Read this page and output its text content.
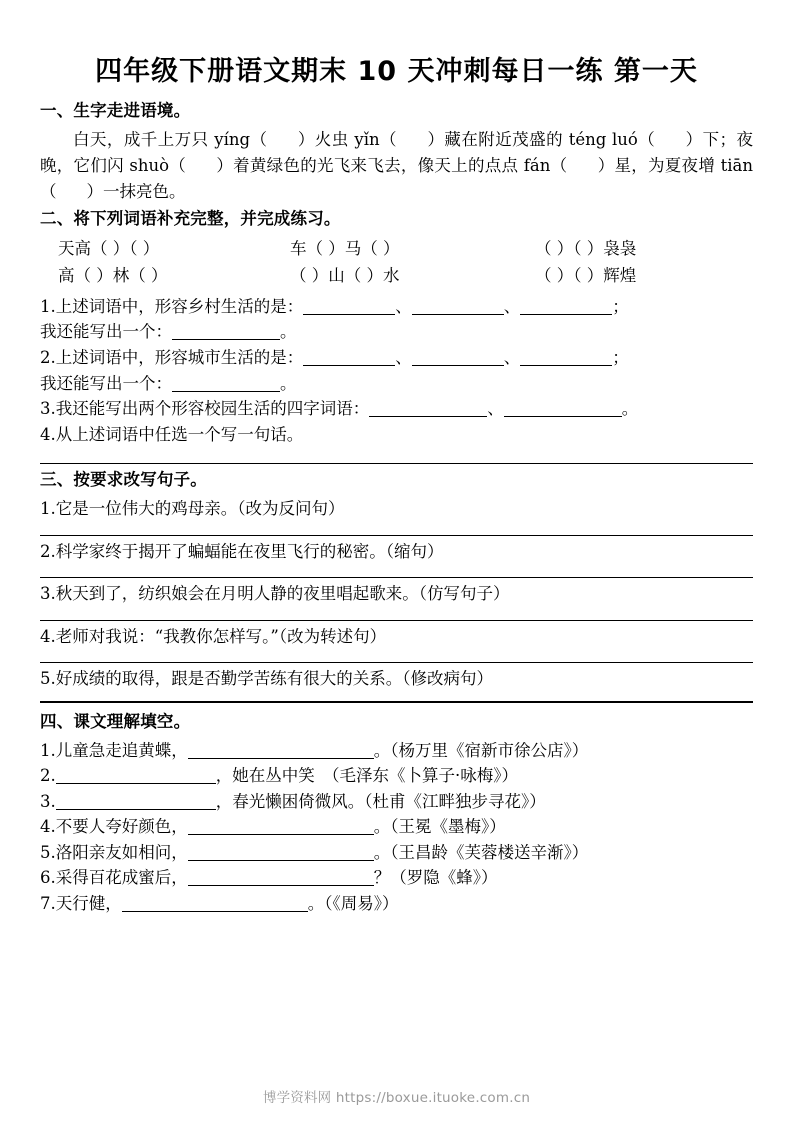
四年级下册语文期末 10 天冲刺每日一练 第一天
一、生字走进语境。
白天，成千上万只 yíng（ ）火虫 yǐn（ ）藏在附近茂盛的 téng luó（ ）下；夜晚，它们闪 shuò（ ）着黄绿色的光飞来飞去，像天上的点点 fán（ ）星，为夏夜增 tiān（ ）一抹亮色。
二、将下列词语补充完整，并完成练习。
天高（ ）（ ）	车（ ）马（ ）	（ ）（ ）袅袅
高（ ）林（ ）	（ ）山（ ）水	（ ）（ ）辉煌
1.上述词语中，形容乡村生活的是：	、	、	；
我还能写出一个：	。
2.上述词语中，形容城市生活的是：	、	、	；
我还能写出一个：	。
3.我还能写出两个形容校园生活的四字词语：	、	。
4.从上述词语中任选一个写一句话。
三、按要求改写句子。
1.它是一位伟大的鸡母亲。（改为反问句）
2.科学家终于揭开了蝙蝠能在夜里飞行的秘密。（缩句）
3.秋天到了，纺织娘会在月明人静的夜里唱起歌来。（仿写句子）
4.老师对我说：“我教你怎样写。”（改为转述句）
5.好成绩的取得，跟是否勤学苦练有很大的关系。（修改病句）
四、课文理解填空。
1.儿童急走追黄蝶，	。（杨万里《宿新市徐公店》）
2.	，她在丛中笑　（毛泽东《卜算子·咏梅》）
3.	，春光懒困倚微风。（杜甫《江畔独步寻花》）
4.不要人夸好颜色，	。（王冕《墨梅》）
5.洛阳亲友如相问，	。（王昌龄《芙蓉楼送辛渐》）
6.采得百花成蜜后，	？（罗隐《蜂》）
7.天行健，	。（《周易》）
博学资料网 https://boxue.ituoke.com.cn
